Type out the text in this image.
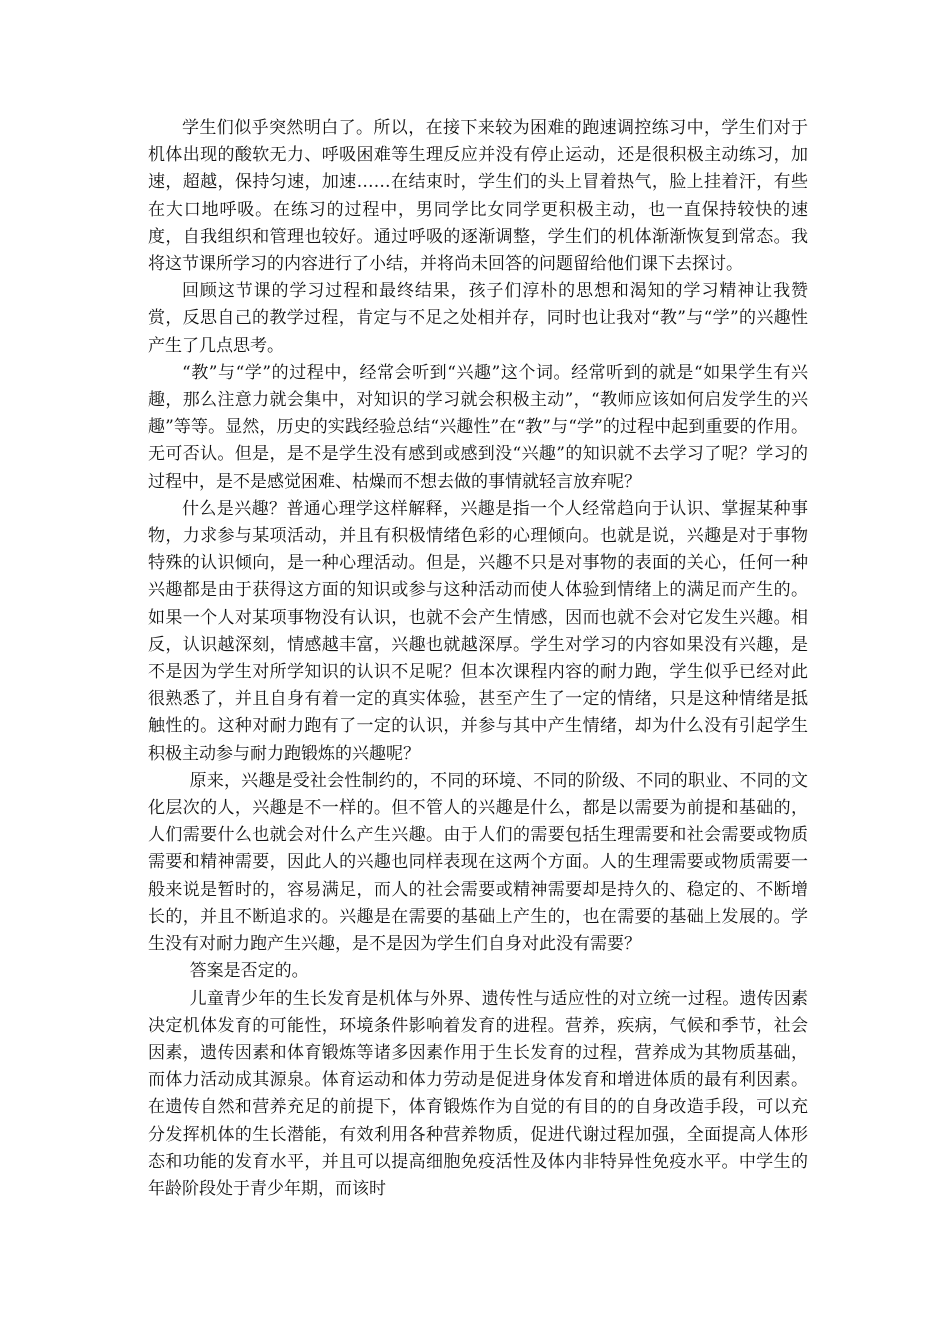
学生们似乎突然明白了。所以，在接下来较为困难的跑速调控练习中，学生们对于机体出现的酸软无力、呼吸困难等生理反应并没有停止运动，还是很积极主动练习，加速，超越，保持匀速，加速……在结束时，学生们的头上冒着热气，脸上挂着汗，有些在大口地呼吸。在练习的过程中，男同学比女同学更积极主动，也一直保持较快的速度，自我组织和管理也较好。通过呼吸的逐渐调整，学生们的机体渐渐恢复到常态。我将这节课所学习的内容进行了小结，并将尚未回答的问题留给他们课下去探讨。

回顾这节课的学习过程和最终结果，孩子们淳朴的思想和渴知的学习精神让我赞赏，反思自己的教学过程，肯定与不足之处相并存，同时也让我对“教”与“学”的兴趣性产生了几点思考。

“教”与“学”的过程中，经常会听到“兴趣”这个词。经常听到的就是“如果学生有兴趣，那么注意力就会集中，对知识的学习就会积极主动”，“教师应该如何启发学生的兴趣”等等。显然，历史的实践经验总结“兴趣性”在“教”与“学”的过程中起到重要的作用。无可否认。但是，是不是学生没有感到或感到没“兴趣”的知识就不去学习了呢？学习的过程中，是不是感觉困难、枯燥而不想去做的事情就轻言放弃呢？

什么是兴趣？普通心理学这样解释，兴趣是指一个人经常趋向于认识、掌握某种事物，力求参与某项活动，并且有积极情绪色彩的心理倾向。也就是说，兴趣是对于事物特殊的认识倾向，是一种心理活动。但是，兴趣不只是对事物的表面的关心，任何一种兴趣都是由于获得这方面的知识或参与这种活动而使人体验到情绪上的满足而产生的。如果一个人对某项事物没有认识，也就不会产生情感，因而也就不会对它发生兴趣。相反，认识越深刻，情感越丰富，兴趣也就越深厚。学生对学习的内容如果没有兴趣，是不是因为学生对所学知识的认识不足呢？但本次课程内容的耐力跑，学生似乎已经对此很熟悉了，并且自身有着一定的真实体验，甚至产生了一定的情绪，只是这种情绪是抵触性的。这种对耐力跑有了一定的认识，并参与其中产生情绪，却为什么没有引起学生积极主动参与耐力跑锻炼的兴趣呢？

原来，兴趣是受社会性制约的，不同的环境、不同的阶级、不同的职业、不同的文化层次的人，兴趣是不一样的。但不管人的兴趣是什么，都是以需要为前提和基础的，人们需要什么也就会对什么产生兴趣。由于人们的需要包括生理需要和社会需要或物质需要和精神需要，因此人的兴趣也同样表现在这两个方面。人的生理需要或物质需要一般来说是暂时的，容易满足，而人的社会需要或精神需要却是持久的、稳定的、不断增长的，并且不断追求的。兴趣是在需要的基础上产生的，也在需要的基础上发展的。学生没有对耐力跑产生兴趣，是不是因为学生们自身对此没有需要？

答案是否定的。

儿童青少年的生长发育是机体与外界、遗传性与适应性的对立统一过程。遗传因素决定机体发育的可能性，环境条件影响着发育的进程。营养，疾病，气候和季节，社会因素，遗传因素和体育锻炼等诸多因素作用于生长发育的过程，营养成为其物质基础，而体力活动成其源泉。体育运动和体力劳动是促进身体发育和增进体质的最有利因素。在遗传自然和营养充足的前提下，体育锻炼作为自觉的有目的的自身改造手段，可以充分发挥机体的生长潜能，有效利用各种营养物质，促进代谢过程加强，全面提高人体形态和功能的发育水平，并且可以提高细胞免疫活性及体内非特异性免疫水平。中学生的年龄阶段处于青少年期，而该时
